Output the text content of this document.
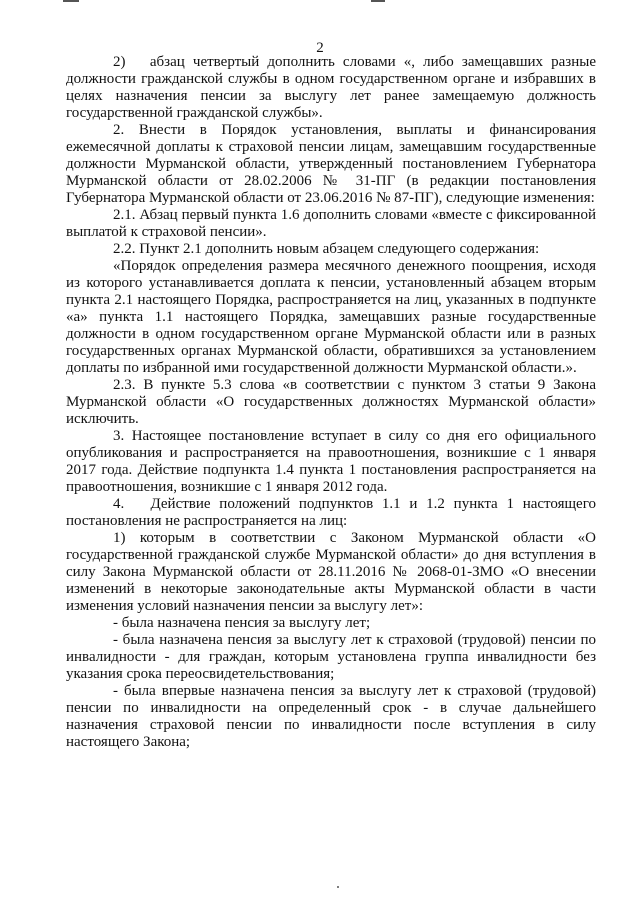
2

2)   абзац четвертый дополнить словами «, либо замещавших разные должности гражданской службы в одном государственном органе и избравших в целях назначения пенсии за выслугу лет ранее замещаемую должность государственной гражданской службы».

2. Внести в Порядок установления, выплаты и финансирования ежемесячной доплаты к страховой пенсии лицам, замещавшим государственные должности Мурманской области, утвержденный постановлением Губернатора Мурманской области от 28.02.2006 № 31-ПГ (в редакции постановления Губернатора Мурманской области от 23.06.2016 № 87-ПГ), следующие изменения:

2.1. Абзац первый пункта 1.6 дополнить словами «вместе с фиксированной выплатой к страховой пенсии».

2.2. Пункт 2.1 дополнить новым абзацем следующего содержания:

«Порядок определения размера месячного денежного поощрения, исходя из которого устанавливается доплата к пенсии, установленный абзацем вторым пункта 2.1 настоящего Порядка, распространяется на лиц, указанных в подпункте «а» пункта 1.1 настоящего Порядка, замещавших разные государственные должности в одном государственном органе Мурманской области или в разных государственных органах Мурманской области, обратившихся за установлением доплаты по избранной ими государственной должности Мурманской области.».

2.3. В пункте 5.3 слова «в соответствии с пунктом 3 статьи 9 Закона Мурманской области «О государственных должностях Мурманской области» исключить.

3. Настоящее постановление вступает в силу со дня его официального опубликования и распространяется на правоотношения, возникшие с 1 января 2017 года. Действие подпункта 1.4 пункта 1 постановления распространяется на правоотношения, возникшие с 1 января 2012 года.

4.   Действие положений подпунктов 1.1 и 1.2 пункта 1 настоящего постановления не распространяется на лиц:

1) которым в соответствии с Законом Мурманской области «О государственной гражданской службе Мурманской области» до дня вступления в силу Закона Мурманской области от 28.11.2016 № 2068-01-ЗМО «О внесении изменений в некоторые законодательные акты Мурманской области в части изменения условий назначения пенсии за выслугу лет»:

- была назначена пенсия за выслугу лет;

- была назначена пенсия за выслугу лет к страховой (трудовой) пенсии по инвалидности - для граждан, которым установлена группа инвалидности без указания срока переосвидетельствования;

- была впервые назначена пенсия за выслугу лет к страховой (трудовой) пенсии по инвалидности на определенный срок - в случае дальнейшего назначения страховой пенсии по инвалидности после вступления в силу настоящего Закона;
